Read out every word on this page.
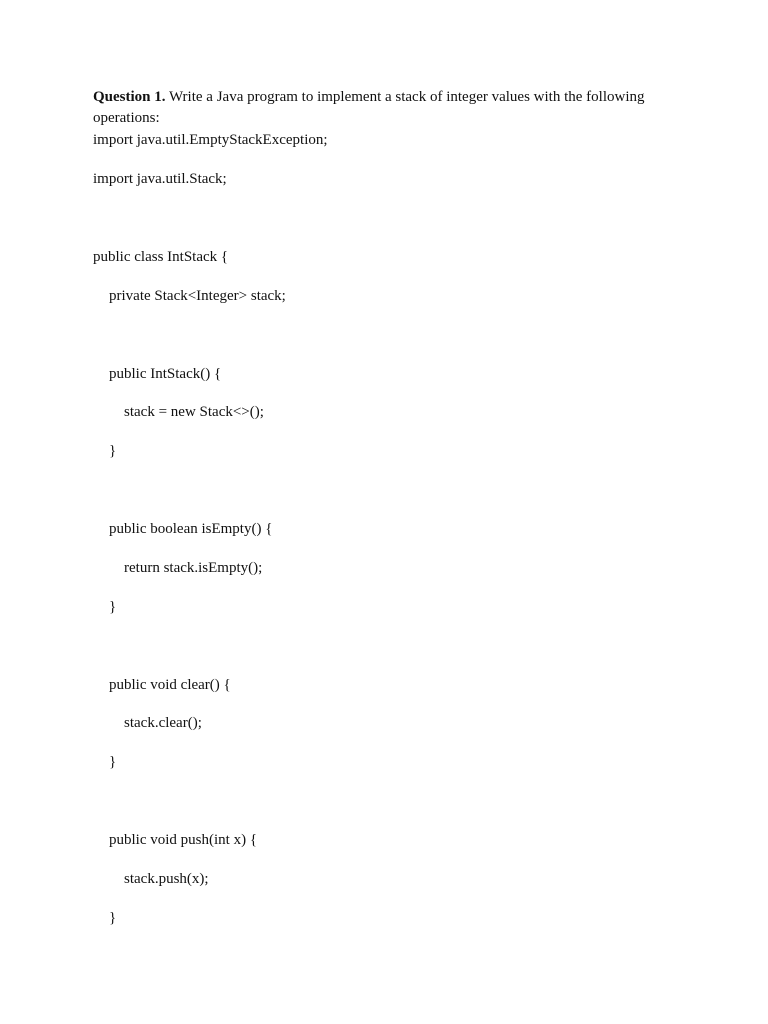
Question 1. Write a Java program to implement a stack of integer values with the following
operations:
import java.util.EmptyStackException;
import java.util.Stack;
public class IntStack {
private Stack<Integer> stack;
public IntStack() {
stack = new Stack<>();
}
public boolean isEmpty() {
return stack.isEmpty();
}
public void clear() {
stack.clear();
}
public void push(int x) {
stack.push(x);
}
